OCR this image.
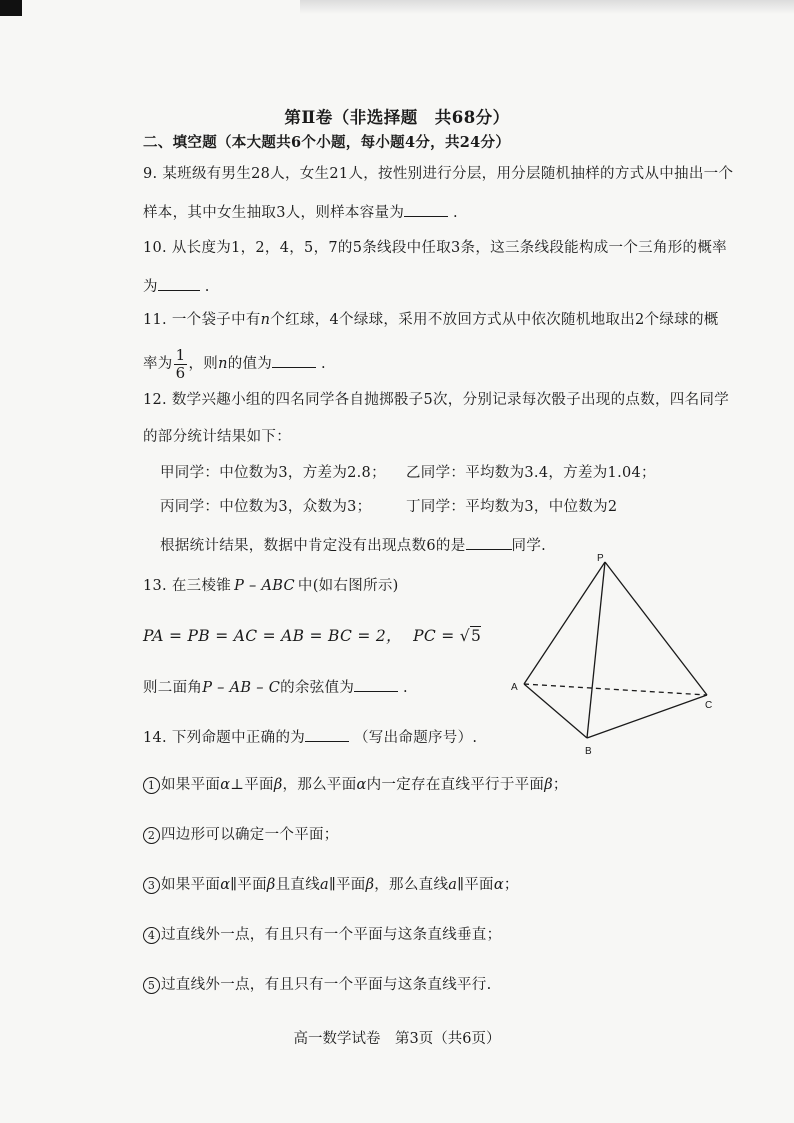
第Ⅱ卷（非选择题　共68分）
二、填空题（本大题共6个小题，每小题4分，共24分）
9. 某班级有男生28人，女生21人，按性别进行分层，用分层随机抽样的方式从中抽出一个
样本，其中女生抽取3人，则样本容量为	.
10. 从长度为1，2，4，5，7的5条线段中任取3条，这三条线段能构成一个三角形的概率
为	.
11. 一个袋子中有n个红球，4个绿球，采用不放回方式从中依次随机地取出2个绿球的概
率为 $\frac{1}{6}$ ，则n的值为	.
12. 数学兴趣小组的四名同学各自抛掷骰子5次，分别记录每次骰子出现的点数，四名同学
的部分统计结果如下：
甲同学：中位数为3，方差为2.8； 乙同学：平均数为3.4，方差为1.04；
丙同学：中位数为3，众数为3； 丁同学：平均数为3，中位数为2
根据统计结果，数据中肯定没有出现点数6的是	同学.
13. 在三棱锥 P – ABC 中(如右图所示)
PA = PB = AC = AB = BC = 2， PC = √5
则二面角P – AB – C的余弦值为	.
P
A
B
C
14. 下列命题中正确的为	（写出命题序号）.
1 如果平面α⊥平面β，那么平面α内一定存在直线平行于平面β；
2 四边形可以确定一个平面；
3 如果平面α∥平面β且直线a∥平面β，那么直线a∥平面α；
4 过直线外一点，有且只有一个平面与这条直线垂直；
5 过直线外一点，有且只有一个平面与这条直线平行.
高一数学试卷　第3页（共6页）
